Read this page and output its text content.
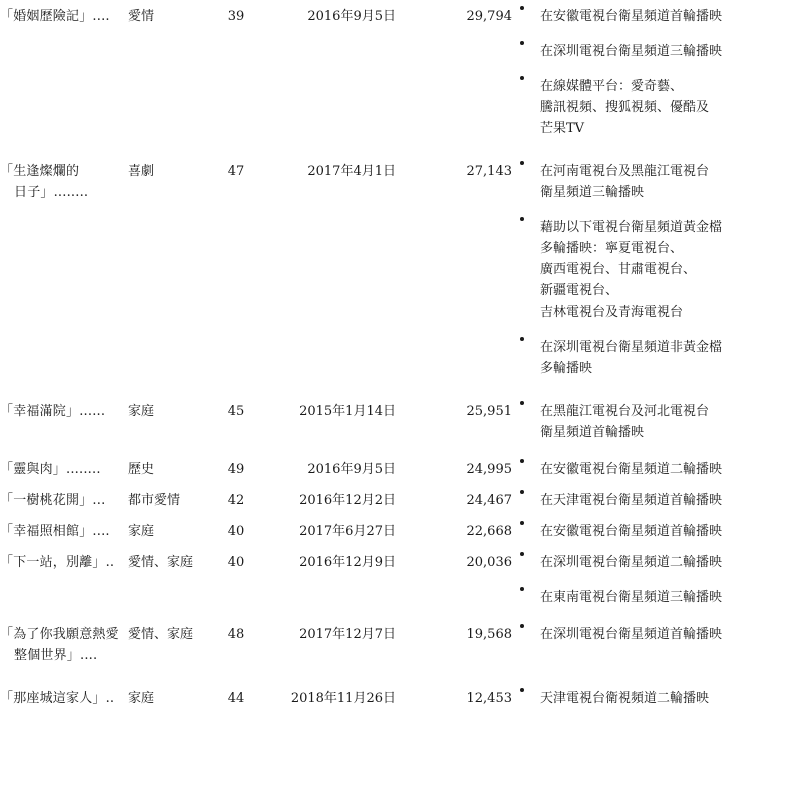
「婚姻歷險記」....	愛情	39	2016年9月5日	29,794	在安徽電視台衛星頻道首輪播映
在深圳電視台衛星頻道三輪播映
在線媒體平台：愛奇藝、
騰訊視頻、搜狐視頻、優酷及
芒果TV

「生逢燦爛的
日子」........
	喜劇	47	2017年4月1日	27,143	在河南電視台及黑龍江電視台
衛星頻道三輪播映
藉助以下電視台衛星頻道黃金檔
多輪播映：寧夏電視台、
廣西電視台、甘肅電視台、
新疆電視台、
吉林電視台及青海電視台
在深圳電視台衛星頻道非黃金檔
多輪播映

「幸福滿院」......	家庭	45	2015年1月14日	25,951	在黑龍江電視台及河北電視台
衛星頻道首輪播映

「靈與肉」........	歷史	49	2016年9月5日	24,995	在安徽電視台衛星頻道二輪播映

「一樹桃花開」...	都市愛情	42	2016年12月2日	24,467	在天津電視台衛星頻道首輪播映

「幸福照相館」....	家庭	40	2017年6月27日	22,668	在安徽電視台衛星頻道首輪播映

「下一站，別離」..	愛情、家庭	40	2016年12月9日	20,036	在深圳電視台衛星頻道二輪播映
在東南電視台衛星頻道三輪播映

「為了你我願意熱愛
整個世界」....
	愛情、家庭	48	2017年12月7日	19,568	在深圳電視台衛星頻道首輪播映

「那座城這家人」..	家庭	44	2018年11月26日	12,453	天津電視台衛視頻道二輪播映
